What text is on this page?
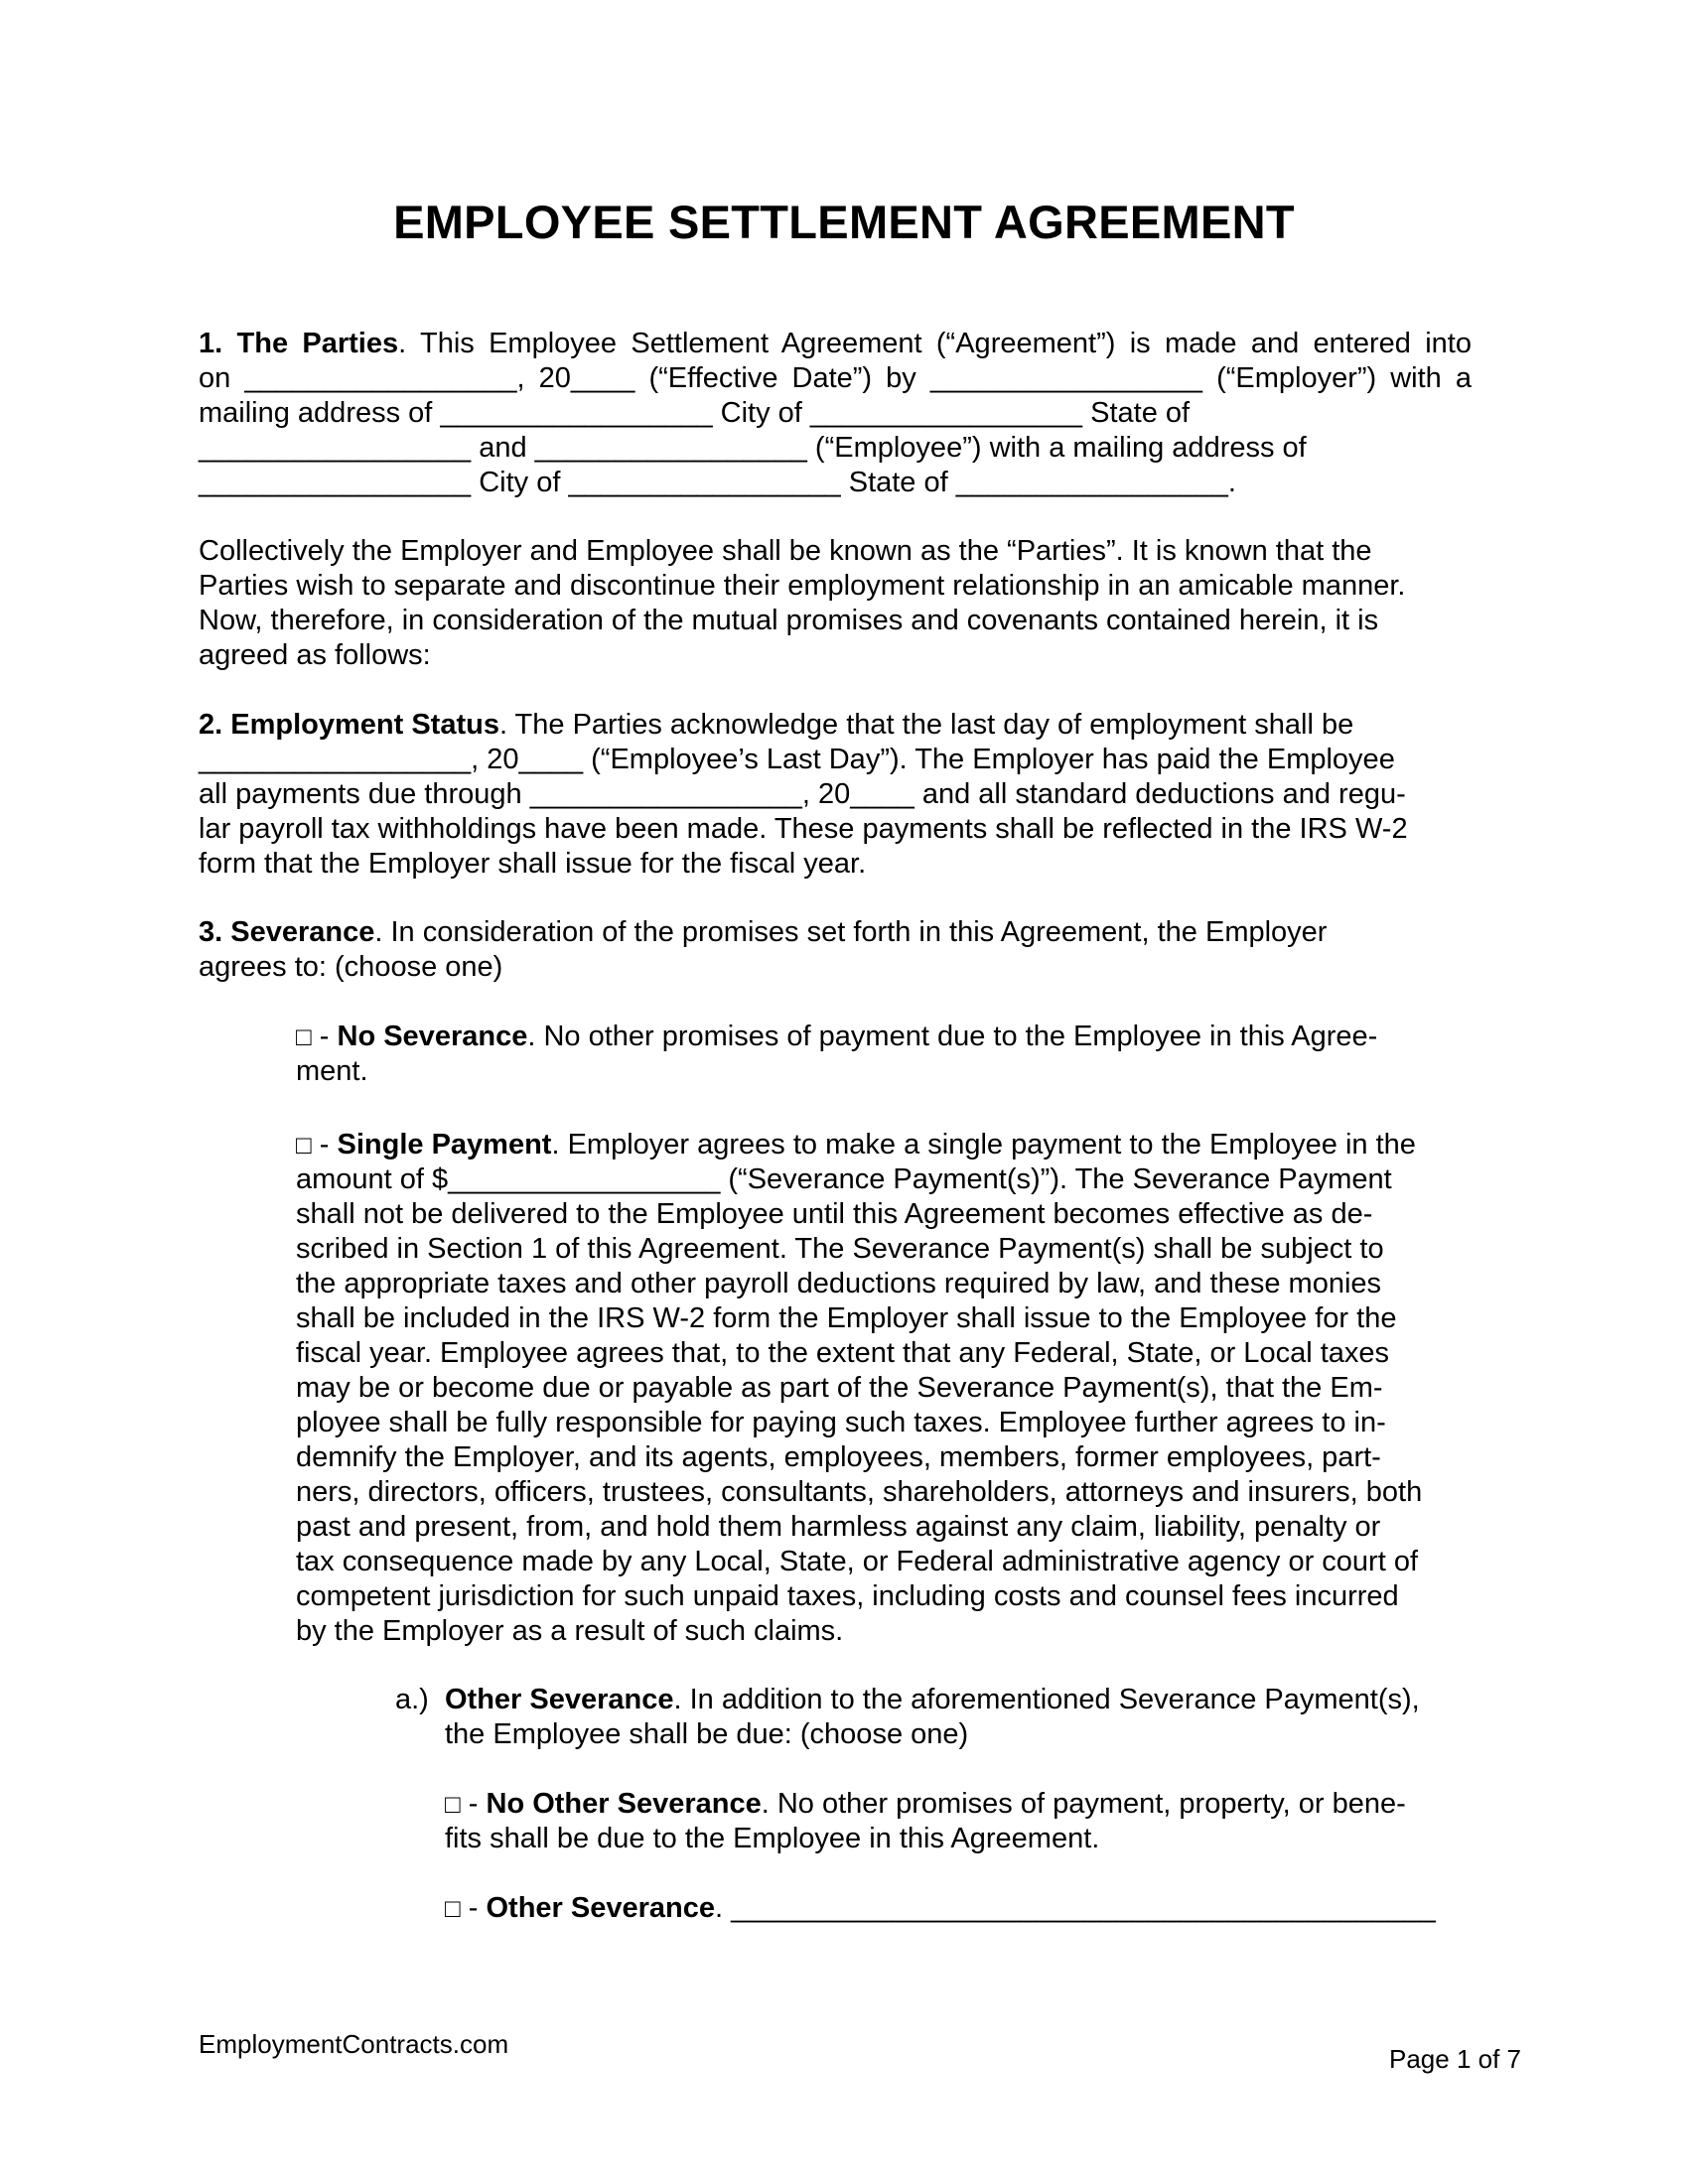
EMPLOYEE SETTLEMENT AGREEMENT
1. The Parties. This Employee Settlement Agreement (“Agreement”) is made and entered into
on _________________, 20____ (“Effective Date”) by _________________ (“Employer”) with a
mailing address of _________________ City of _________________ State of
_________________ and _________________ (“Employee”) with a mailing address of
_________________ City of _________________ State of _________________.
Collectively the Employer and Employee shall be known as the “Parties”. It is known that the
Parties wish to separate and discontinue their employment relationship in an amicable manner.
Now, therefore, in consideration of the mutual promises and covenants contained herein, it is
agreed as follows:
2. Employment Status. The Parties acknowledge that the last day of employment shall be
_________________, 20____ (“Employee’s Last Day”). The Employer has paid the Employee
all payments due through _________________, 20____ and all standard deductions and regu-
lar payroll tax withholdings have been made. These payments shall be reflected in the IRS W-2
form that the Employer shall issue for the fiscal year.
3. Severance. In consideration of the promises set forth in this Agreement, the Employer
agrees to: (choose one)
□ - No Severance. No other promises of payment due to the Employee in this Agree-
ment.
□ - Single Payment. Employer agrees to make a single payment to the Employee in the
amount of $_________________ (“Severance Payment(s)”). The Severance Payment
shall not be delivered to the Employee until this Agreement becomes effective as de-
scribed in Section 1 of this Agreement. The Severance Payment(s) shall be subject to
the appropriate taxes and other payroll deductions required by law, and these monies
shall be included in the IRS W-2 form the Employer shall issue to the Employee for the
fiscal year. Employee agrees that, to the extent that any Federal, State, or Local taxes
may be or become due or payable as part of the Severance Payment(s), that the Em-
ployee shall be fully responsible for paying such taxes. Employee further agrees to in-
demnify the Employer, and its agents, employees, members, former employees, part-
ners, directors, officers, trustees, consultants, shareholders, attorneys and insurers, both
past and present, from, and hold them harmless against any claim, liability, penalty or
tax consequence made by any Local, State, or Federal administrative agency or court of
competent jurisdiction for such unpaid taxes, including costs and counsel fees incurred
by the Employer as a result of such claims.
a.) Other Severance. In addition to the aforementioned Severance Payment(s),
the Employee shall be due: (choose one)
□ - No Other Severance. No other promises of payment, property, or bene-
fits shall be due to the Employee in this Agreement.
□ - Other Severance. ____________________________________________
EmploymentContracts.com	Page 1 of 7
